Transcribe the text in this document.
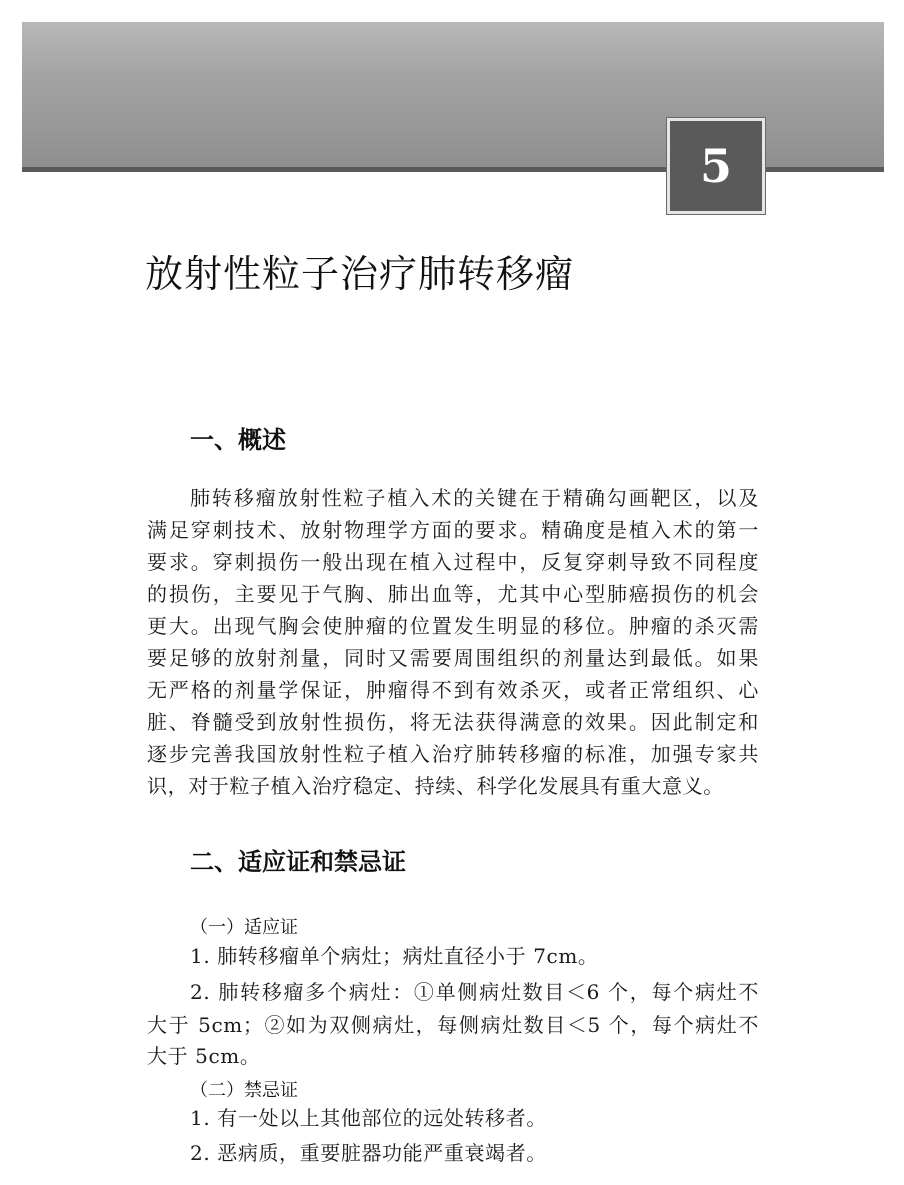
5
放射性粒子治疗肺转移瘤
一、概述
肺转移瘤放射性粒子植入术的关键在于精确勾画靶区，以及
满足穿刺技术、放射物理学方面的要求。精确度是植入术的第一
要求。穿刺损伤一般出现在植入过程中，反复穿刺导致不同程度
的损伤，主要见于气胸、肺出血等，尤其中心型肺癌损伤的机会
更大。出现气胸会使肿瘤的位置发生明显的移位。肿瘤的杀灭需
要足够的放射剂量，同时又需要周围组织的剂量达到最低。如果
无严格的剂量学保证，肿瘤得不到有效杀灭，或者正常组织、心
脏、脊髓受到放射性损伤，将无法获得满意的效果。因此制定和
逐步完善我国放射性粒子植入治疗肺转移瘤的标准，加强专家共
识，对于粒子植入治疗稳定、持续、科学化发展具有重大意义。
二、适应证和禁忌证
（一）适应证
1. 肺转移瘤单个病灶；病灶直径小于 7cm。
2. 肺转移瘤多个病灶：①单侧病灶数目＜6 个，每个病灶不
大于 5cm；②如为双侧病灶，每侧病灶数目＜5 个，每个病灶不
大于 5cm。
（二）禁忌证
1. 有一处以上其他部位的远处转移者。
2. 恶病质，重要脏器功能严重衰竭者。
